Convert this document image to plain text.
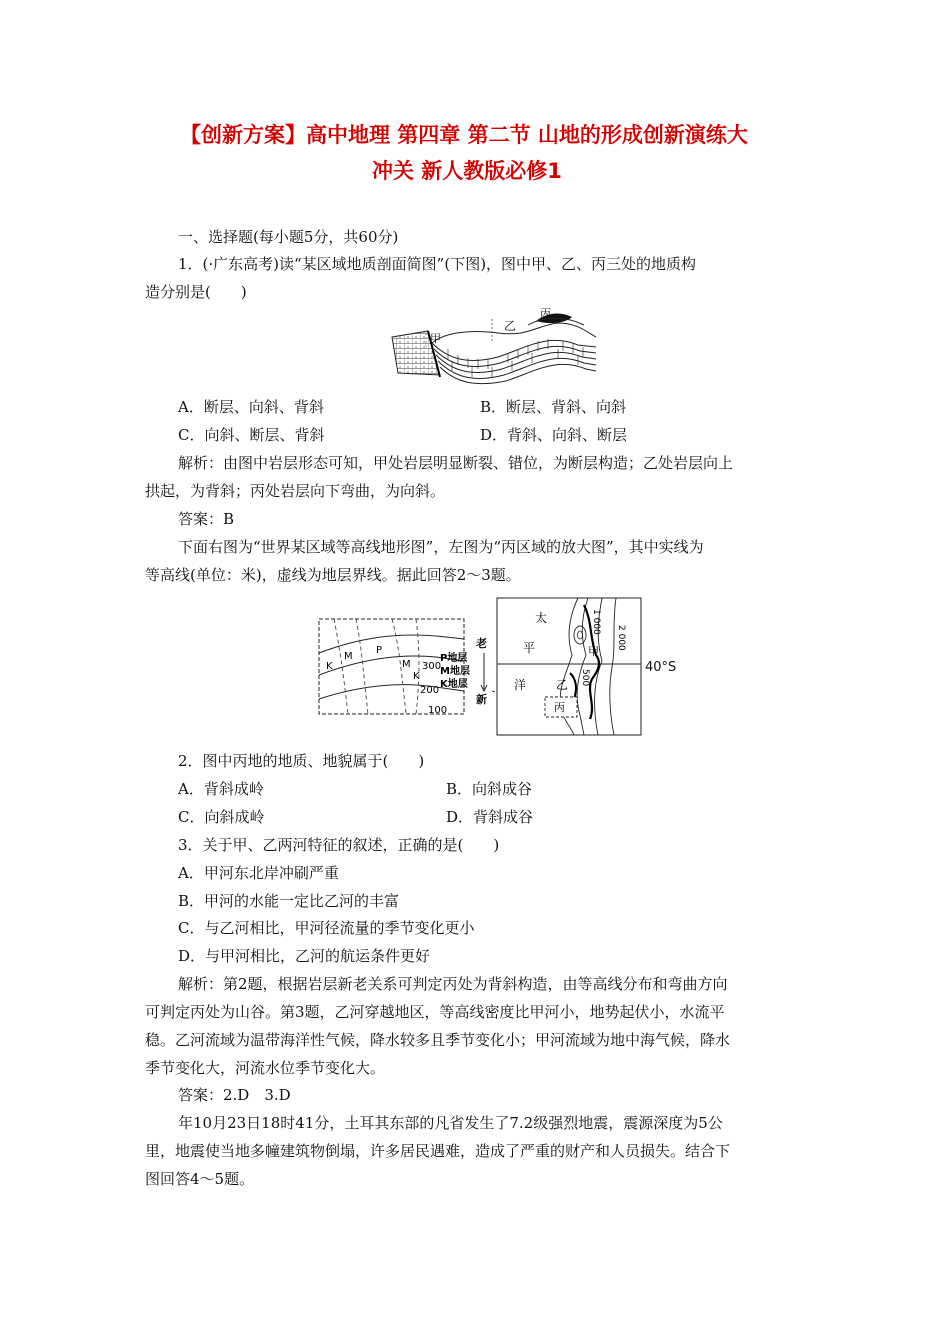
【创新方案】高中地理 第四章 第二节 山地的形成创新演练大
冲关 新人教版必修1
一、选择题(每小题5分，共60分)
1．(·广东高考)读“某区域地质剖面简图”(下图)，图中甲、乙、丙三处的地质构
造分别是(　　)
甲
乙
丙
A．断层、向斜、背斜	B．断层、背斜、向斜
C．向斜、断层、背斜	D．背斜、向斜、断层
解析：由图中岩层形态可知，甲处岩层明显断裂、错位，为断层构造；乙处岩层向上
拱起，为背斜；丙处岩层向下弯曲，为向斜。
答案：B
下面右图为“世界某区域等高线地形图”，左图为“丙区域的放大图”，其中实线为
等高线(单位：米)，虚线为地层界线。据此回答2～3题。
K
M
P
M
K
300
200
100
老
P地层
M地层
K地层
新
太
平
洋
甲
乙
丙
1 000
2 000
500
40°S
2．图中丙地的地质、地貌属于(　　)
A．背斜成岭	B．向斜成谷
C．向斜成岭	D．背斜成谷
3．关于甲、乙两河特征的叙述，正确的是(　　)
A．甲河东北岸冲刷严重
B．甲河的水能一定比乙河的丰富
C．与乙河相比，甲河径流量的季节变化更小
D．与甲河相比，乙河的航运条件更好
解析：第2题，根据岩层新老关系可判定丙处为背斜构造，由等高线分布和弯曲方向
可判定丙处为山谷。第3题，乙河穿越地区，等高线密度比甲河小，地势起伏小，水流平
稳。乙河流域为温带海洋性气候，降水较多且季节变化小；甲河流域为地中海气候，降水
季节变化大，河流水位季节变化大。
答案：2.D　3.D
年10月23日18时41分，土耳其东部的凡省发生了7.2级强烈地震，震源深度为5公
里，地震使当地多幢建筑物倒塌，许多居民遇难，造成了严重的财产和人员损失。结合下
图回答4～5题。
